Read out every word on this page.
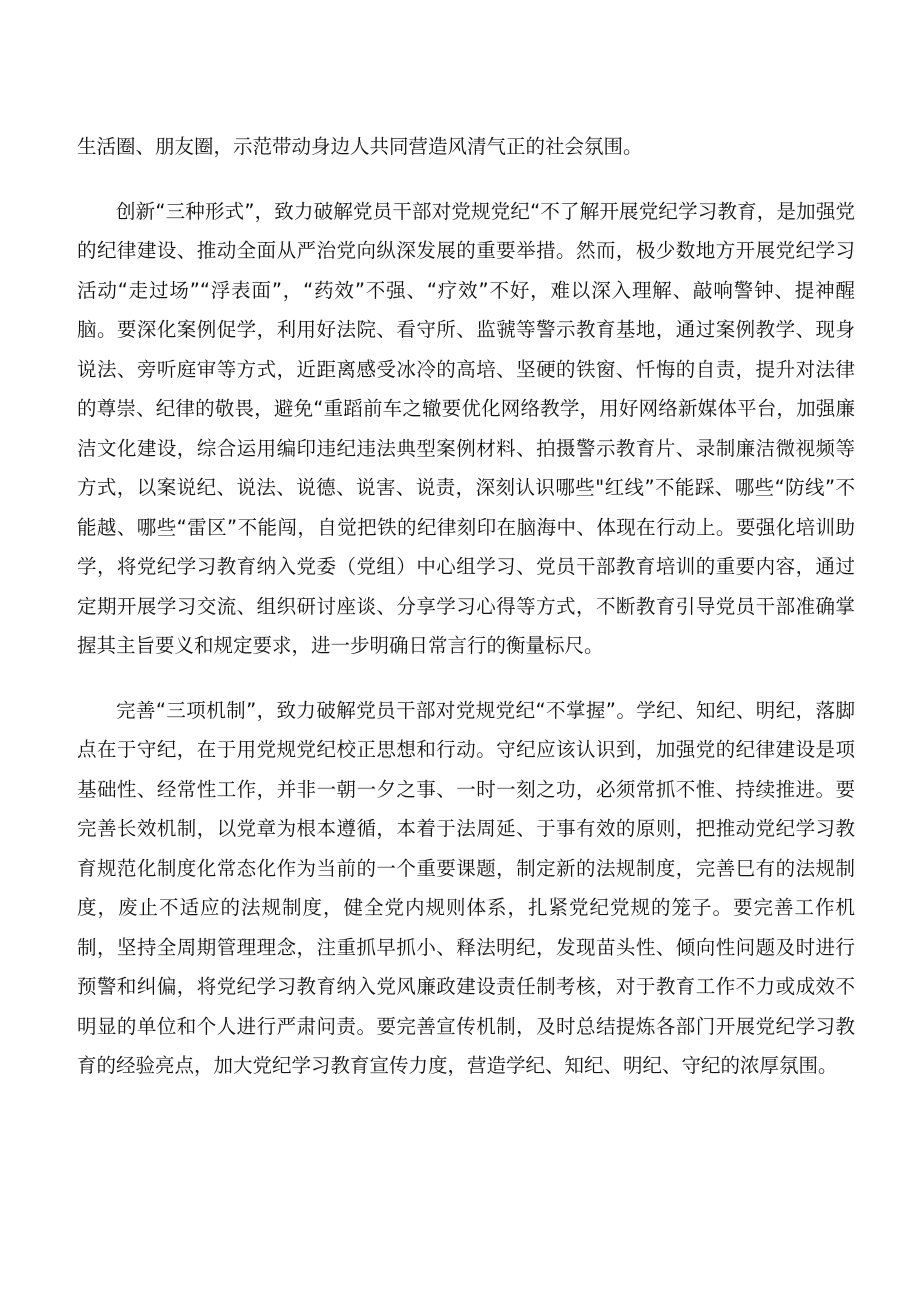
生活圈、朋友圈，示范带动身边人共同营造风清气正的社会氛围。

创新“三种形式”，致力破解党员干部对党规党纪“不了解开展党纪学习教育，是加强党的纪律建设、推动全面从严治党向纵深发展的重要举措。然而，极少数地方开展党纪学习活动“走过场”“浮表面”，“药效”不强、“疗效”不好，难以深入理解、敲响警钟、提神醒脑。要深化案例促学，利用好法院、看守所、监虢等警示教育基地，通过案例教学、现身说法、旁听庭审等方式，近距离感受冰冷的高培、坚硬的铁窗、忏悔的自责，提升对法律的尊崇、纪律的敬畏，避免“重蹈前车之辙要优化网络教学，用好网络新媒体平台，加强廉洁文化建设，综合运用编印违纪违法典型案例材料、拍摄警示教育片、录制廉洁微视频等方式，以案说纪、说法、说德、说害、说责，深刻认识哪些"红线”不能踩、哪些“防线”不能越、哪些“雷区”不能闯，自觉把铁的纪律刻印在脑海中、体现在行动上。要强化培训助学，将党纪学习教育纳入党委（党组）中心组学习、党员干部教育培训的重要内容，通过定期开展学习交流、组织研讨座谈、分享学习心得等方式，不断教育引导党员干部准确掌握其主旨要义和规定要求，进一步明确日常言行的衡量标尺。

完善“三项机制”，致力破解党员干部对党规党纪“不掌握”。学纪、知纪、明纪，落脚点在于守纪，在于用党规党纪校正思想和行动。守纪应该认识到，加强党的纪律建设是项基础性、经常性工作，并非一朝一夕之事、一时一刻之功，必须常抓不惟、持续推进。要完善长效机制，以党章为根本遵循，本着于法周延、于事有效的原则，把推动党纪学习教育规范化制度化常态化作为当前的一个重要课题，制定新的法规制度，完善巳有的法规制度，废止不适应的法规制度，健全党内规则体系，扎紧党纪党规的笼子。要完善工作机制，坚持全周期管理理念，注重抓早抓小、释法明纪，发现苗头性、倾向性问题及时进行预警和纠偏，将党纪学习教育纳入党风廉政建设责任制考核，对于教育工作不力或成效不明显的单位和个人进行严肃问责。要完善宣传机制，及时总结提炼各部门开展党纪学习教育的经验亮点，加大党纪学习教育宣传力度，营造学纪、知纪、明纪、守纪的浓厚氛围。
